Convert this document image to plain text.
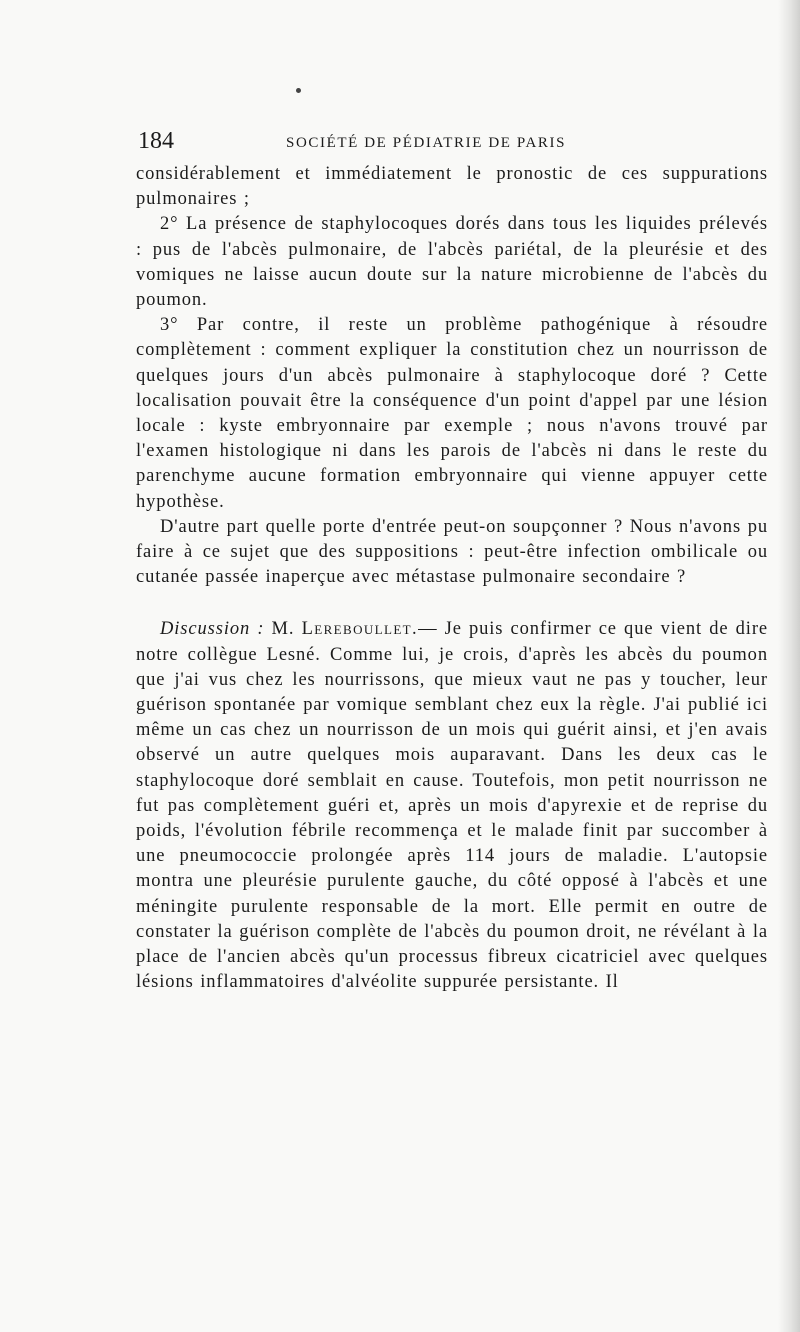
184	SOCIÉTÉ DE PÉDIATRIE DE PARIS

considérablement et immédiatement le pronostic de ces suppurations pulmonaires ;

2° La présence de staphylocoques dorés dans tous les liquides prélevés : pus de l'abcès pulmonaire, de l'abcès pariétal, de la pleurésie et des vomiques ne laisse aucun doute sur la nature microbienne de l'abcès du poumon.

3° Par contre, il reste un problème pathogénique à résoudre complètement : comment expliquer la constitution chez un nourrisson de quelques jours d'un abcès pulmonaire à staphylocoque doré ? Cette localisation pouvait être la conséquence d'un point d'appel par une lésion locale : kyste embryonnaire par exemple ; nous n'avons trouvé par l'examen histologique ni dans les parois de l'abcès ni dans le reste du parenchyme aucune formation embryonnaire qui vienne appuyer cette hypothèse.

D'autre part quelle porte d'entrée peut-on soupçonner ? Nous n'avons pu faire à ce sujet que des suppositions : peut-être infection ombilicale ou cutanée passée inaperçue avec métastase pulmonaire secondaire ?

Discussion : M. Lereboullet.— Je puis confirmer ce que vient de dire notre collègue Lesné. Comme lui, je crois, d'après les abcès du poumon que j'ai vus chez les nourrissons, que mieux vaut ne pas y toucher, leur guérison spontanée par vomique semblant chez eux la règle. J'ai publié ici même un cas chez un nourrisson de un mois qui guérit ainsi, et j'en avais observé un autre quelques mois auparavant. Dans les deux cas le staphylocoque doré semblait en cause. Toutefois, mon petit nourrisson ne fut pas complètement guéri et, après un mois d'apyrexie et de reprise du poids, l'évolution fébrile recommença et le malade finit par succomber à une pneumococcie prolongée après 114 jours de maladie. L'autopsie montra une pleurésie purulente gauche, du côté opposé à l'abcès et une méningite purulente responsable de la mort. Elle permit en outre de constater la guérison complète de l'abcès du poumon droit, ne révélant à la place de l'ancien abcès qu'un processus fibreux cicatriciel avec quelques lésions inflammatoires d'alvéolite suppurée persistante. Il
